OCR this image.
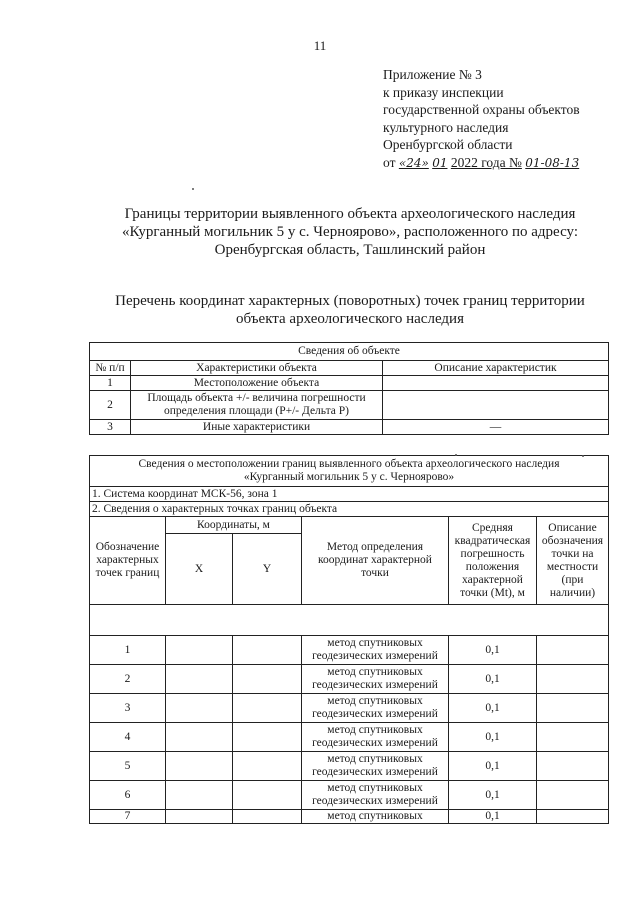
11
Приложение № 3
к приказу инспекции
государственной охраны объектов
культурного наследия
Оренбургской области
от «24» 01 2022 года № 01-08-13
Границы территории выявленного объекта археологического наследия
«Курганный могильник 5 у с. Черноярово», расположенного по адресу:
Оренбургская область, Ташлинский район
Перечень координат характерных (поворотных) точек границ территории
объекта археологического наследия
Сведения об объекте		
№ п/п	Характеристики объекта	Описание характеристик
1	Местоположение объекта	
2	Площадь объекта +/- величина погрешности определения площади (P+/- Дельта P)	
3	Иные характеристики	—
Сведения о местоположении границ выявленного объекта археологического наследия
«Курганный могильник 5 у с. Черноярово»					

1. Система координат МСК-56, зона 1					
2. Сведения о характерных точках границ объекта					
Обозначение характерных точек границ	Координаты, м		Метод определения координат характерной точки	Средняя квадратическая погрешность положения характерной точки (Mt), м	Описание обозначения точки на местности (при наличии)
	X	Y			

1			метод спутниковых геодезических измерений	0,1	
2			метод спутниковых геодезических измерений	0,1	
3			метод спутниковых геодезических измерений	0,1	
4			метод спутниковых геодезических измерений	0,1	
5			метод спутниковых геодезических измерений	0,1	
6			метод спутниковых геодезических измерений	0,1	
7			метод спутниковых	0,1	
